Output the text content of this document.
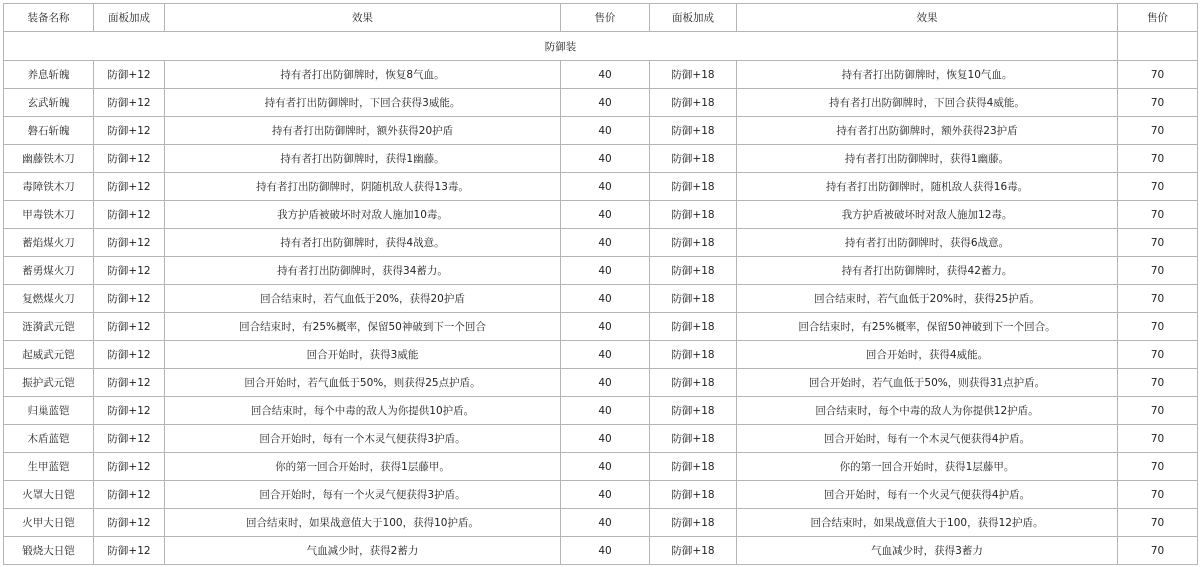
装备名称	面板加成	效果	售价	面板加成	效果	售价
防御装						
养息斩魄	防御+12	持有者打出防御牌时，恢复8气血。	40	防御+18	持有者打出防御牌时，恢复10气血。	70
玄武斩魄	防御+12	持有者打出防御牌时，下回合获得3威能。	40	防御+18	持有者打出防御牌时，下回合获得4威能。	70
磐石斩魄	防御+12	持有者打出防御牌时，额外获得20护盾	40	防御+18	持有者打出防御牌时，额外获得23护盾	70
幽藤铁木刀	防御+12	持有者打出防御牌时，获得1幽藤。	40	防御+18	持有者打出防御牌时，获得1幽藤。	70
毒障铁木刀	防御+12	持有者打出防御牌时，阴随机敌人获得13毒。	40	防御+18	持有者打出防御牌时，随机敌人获得16毒。	70
甲毒铁木刀	防御+12	我方护盾被破坏时对敌人施加10毒。	40	防御+18	我方护盾被破坏时对敌人施加12毒。	70
蓄焰煤火刀	防御+12	持有者打出防御牌时，获得4战意。	40	防御+18	持有者打出防御牌时，获得6战意。	70
蓄勇煤火刀	防御+12	持有者打出防御牌时，获得34蓄力。	40	防御+18	持有者打出防御牌时，获得42蓄力。	70
复燃煤火刀	防御+12	回合结束时，若气血低于20%，获得20护盾	40	防御+18	回合结束时，若气血低于20%时，获得25护盾。	70
涟漪武元铠	防御+12	回合结束时，有25%概率，保留50神破到下一个回合	40	防御+18	回合结束时，有25%概率，保留50神破到下一个回合。	70
起威武元铠	防御+12	回合开始时，获得3威能	40	防御+18	回合开始时，获得4威能。	70
振护武元铠	防御+12	回合开始时，若气血低于50%，则获得25点护盾。	40	防御+18	回合开始时，若气血低于50%，则获得31点护盾。	70
归巢蓝铠	防御+12	回合结束时，每个中毒的敌人为你提供10护盾。	40	防御+18	回合结束时，每个中毒的敌人为你提供12护盾。	70
木盾蓝铠	防御+12	回合开始时，每有一个木灵气便获得3护盾。	40	防御+18	回合开始时，每有一个木灵气便获得4护盾。	70
生甲蓝铠	防御+12	你的第一回合开始时，获得1层藤甲。	40	防御+18	你的第一回合开始时，获得1层藤甲。	70
火罩大日铠	防御+12	回合开始时，每有一个火灵气便获得3护盾。	40	防御+18	回合开始时，每有一个火灵气便获得4护盾。	70
火甲大日铠	防御+12	回合结束时，如果战意值大于100，获得10护盾。	40	防御+18	回合结束时，如果战意值大于100，获得12护盾。	70
锻烧大日铠	防御+12	气血减少时，获得2蓄力	40	防御+18	气血减少时，获得3蓄力	70
